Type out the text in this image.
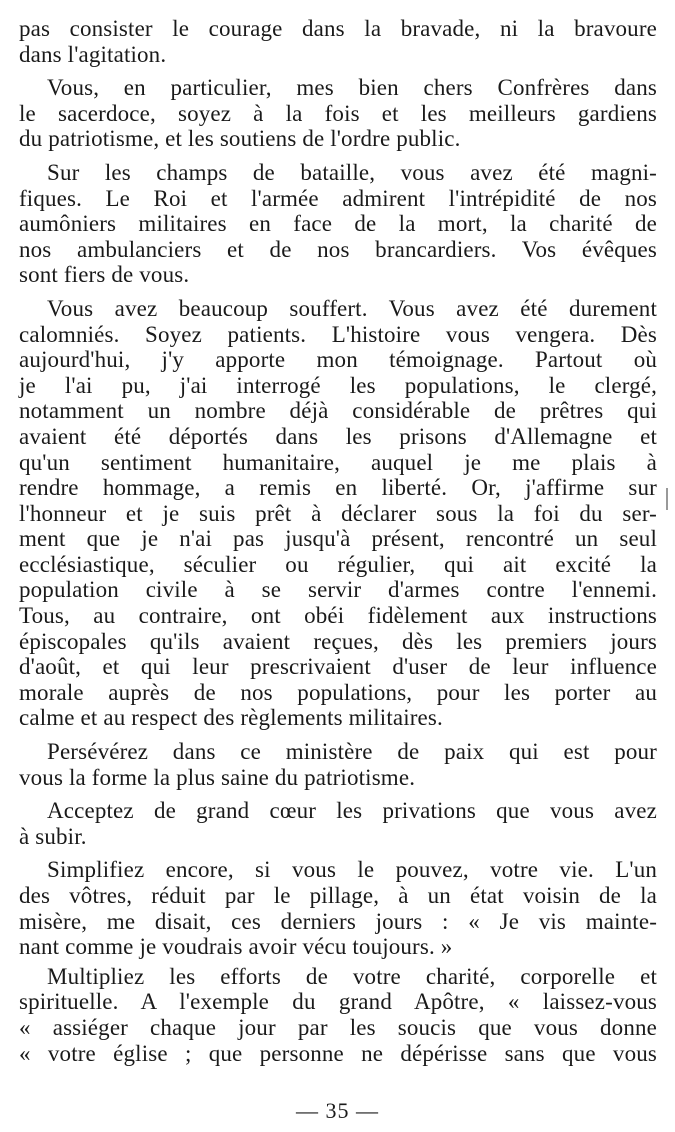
pas consister le courage dans la bravade, ni la bravoure
dans l'agitation.
Vous, en particulier, mes bien chers Confrères dans
le sacerdoce, soyez à la fois et les meilleurs gardiens
du patriotisme, et les soutiens de l'ordre public.
Sur les champs de bataille, vous avez été magni-
fiques. Le Roi et l'armée admirent l'intrépidité de nos
aumôniers militaires en face de la mort, la charité de
nos ambulanciers et de nos brancardiers. Vos évêques
sont fiers de vous.
Vous avez beaucoup souffert. Vous avez été durement
calomniés. Soyez patients. L'histoire vous vengera. Dès
aujourd'hui, j'y apporte mon témoignage. Partout où
je l'ai pu, j'ai interrogé les populations, le clergé,
notamment un nombre déjà considérable de prêtres qui
avaient été déportés dans les prisons d'Allemagne et
qu'un sentiment humanitaire, auquel je me plais à
rendre hommage, a remis en liberté. Or, j'affirme sur
l'honneur et je suis prêt à déclarer sous la foi du ser-
ment que je n'ai pas jusqu'à présent, rencontré un seul
ecclésiastique, séculier ou régulier, qui ait excité la
population civile à se servir d'armes contre l'ennemi.
Tous, au contraire, ont obéi fidèlement aux instructions
épiscopales qu'ils avaient reçues, dès les premiers jours
d'août, et qui leur prescrivaient d'user de leur influence
morale auprès de nos populations, pour les porter au
calme et au respect des règlements militaires.
Persévérez dans ce ministère de paix qui est pour
vous la forme la plus saine du patriotisme.
Acceptez de grand cœur les privations que vous avez
à subir.
Simplifiez encore, si vous le pouvez, votre vie. L'un
des vôtres, réduit par le pillage, à un état voisin de la
misère, me disait, ces derniers jours : « Je vis mainte-
nant comme je voudrais avoir vécu toujours. »
Multipliez les efforts de votre charité, corporelle et
spirituelle. A l'exemple du grand Apôtre, « laissez-vous
« assiéger chaque jour par les soucis que vous donne
« votre église ; que personne ne dépérisse sans que vous
— 35 —
